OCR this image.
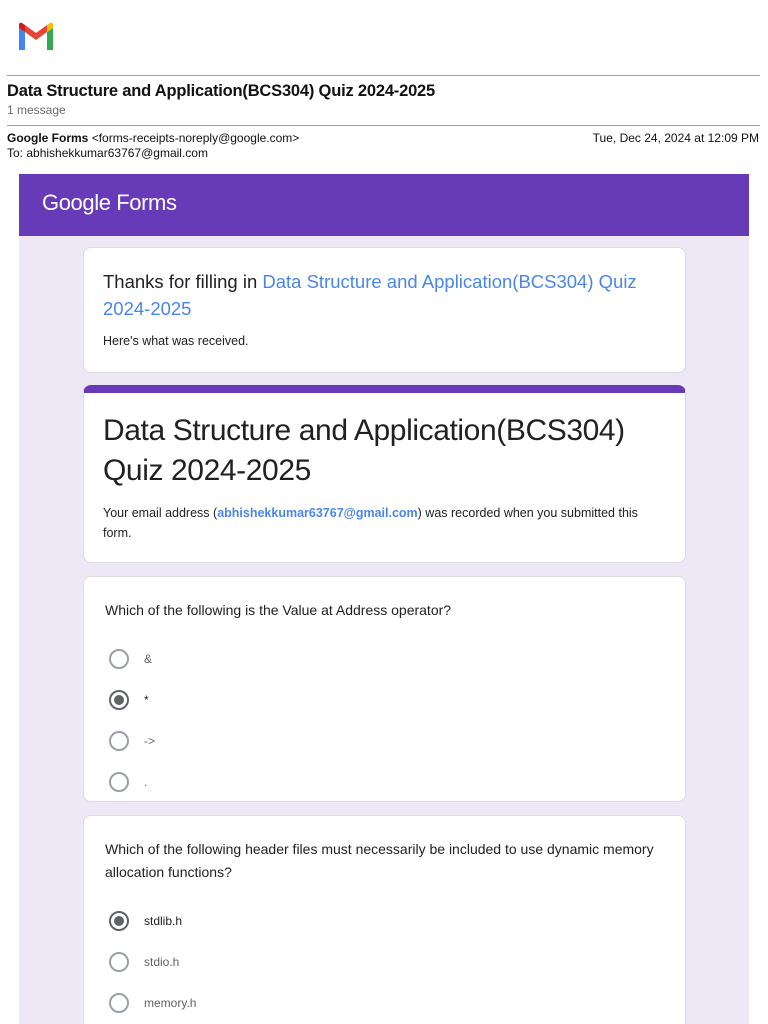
Data Structure and Application(BCS304) Quiz 2024-2025
1 message
Google Forms <forms-receipts-noreply@google.com>	Tue, Dec 24, 2024 at 12:09 PM
To: abhishekkumar63767@gmail.com
Google Forms
Thanks for filling in Data Structure and Application(BCS304) Quiz 2024-2025
Here's what was received.
Data Structure and Application(BCS304) Quiz 2024-2025
Your email address (abhishekkumar63767@gmail.com) was recorded when you submitted this form.
Which of the following is the Value at Address operator?
&
*
->
.
Which of the following header files must necessarily be included to use dynamic memory allocation functions?
stdlib.h
stdio.h
memory.h
